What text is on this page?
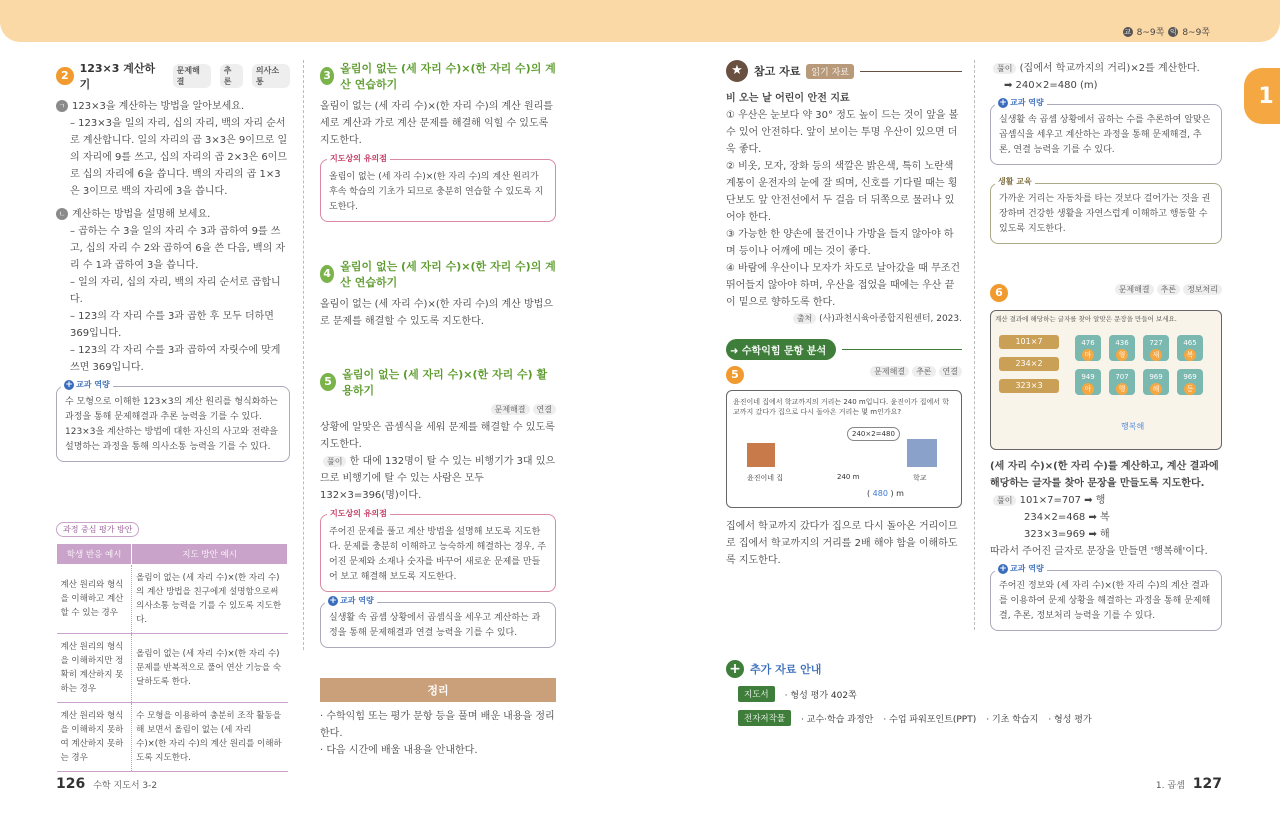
교 8~9쪽 익 8~9쪽
1
2
123×3 계산하기
문제해결
추론
의사소통
ㄱ 123×3을 계산하는 방법을 알아보세요.
– 123×3을 일의 자리, 십의 자리, 백의 자리 순서로 계산합니다. 일의 자리의 곱 3×3은 9이므로 일의 자리에 9를 쓰고, 십의 자리의 곱 2×3은 6이므로 십의 자리에 6을 씁니다. 백의 자리의 곱 1×3은 3이므로 백의 자리에 3을 씁니다.
ㄴ 계산하는 방법을 설명해 보세요.
– 곱하는 수 3을 일의 자리 수 3과 곱하여 9를 쓰고, 십의 자리 수 2와 곱하여 6을 쓴 다음, 백의 자리 수 1과 곱하여 3을 씁니다.
– 일의 자리, 십의 자리, 백의 자리 순서로 곱합니다.
– 123의 각 자리 수를 3과 곱한 후 모두 더하면 369입니다.
– 123의 각 자리 수를 3과 곱하여 자릿수에 맞게 쓰면 369입니다.
+ 교과 역량
수 모형으로 이해한 123×3의 계산 원리를 형식화하는 과정을 통해 문제해결과 추론 능력을 기를 수 있다. 123×3을 계산하는 방법에 대한 자신의 사고와 전략을 설명하는 과정을 통해 의사소통 능력을 기를 수 있다.
과정 중심 평가 방안
학생 반응 예시	지도 방안 예시
계산 원리와 형식을 이해하고 계산할 수 있는 경우	올림이 없는 (세 자리 수)×(한 자리 수)의 계산 방법을 친구에게 설명함으로써 의사소통 능력을 기를 수 있도록 지도한다.
계산 원리의 형식을 이해하지만 정확히 계산하지 못하는 경우	올림이 없는 (세 자리 수)×(한 자리 수) 문제를 반복적으로 풀어 연산 기능을 숙달하도록 한다.
계산 원리와 형식을 이해하지 못하여 계산하지 못하는 경우	수 모형을 이용하여 충분히 조작 활동을 해 보면서 올림이 없는 (세 자리 수)×(한 자리 수)의 계산 원리를 이해하도록 지도한다.
3
올림이 없는 (세 자리 수)×(한 자리 수)의 계산 연습하기
올림이 없는 (세 자리 수)×(한 자리 수)의 계산 원리를 세로 계산과 가로 계산 문제를 해결해 익힐 수 있도록 지도한다.
지도상의 유의점
올림이 없는 (세 자리 수)×(한 자리 수)의 계산 원리가 후속 학습의 기초가 되므로 충분히 연습할 수 있도록 지도한다.
4
올림이 없는 (세 자리 수)×(한 자리 수)의 계산 연습하기
올림이 없는 (세 자리 수)×(한 자리 수)의 계산 방법으로 문제를 해결할 수 있도록 지도한다.
5
올림이 없는 (세 자리 수)×(한 자리 수) 활용하기
문제해결 연결
상황에 알맞은 곱셈식을 세워 문제를 해결할 수 있도록 지도한다.
풀이 한 대에 132명이 탈 수 있는 비행기가 3대 있으므로 비행기에 탈 수 있는 사람은 모두 132×3=396(명)이다.
지도상의 유의점
주어진 문제를 풀고 계산 방법을 설명해 보도록 지도한다. 문제를 충분히 이해하고 능숙하게 해결하는 경우, 주어진 문제와 소재나 숫자를 바꾸어 새로운 문제를 만들어 보고 해결해 보도록 지도한다.
+ 교과 역량
실생활 속 곱셈 상황에서 곱셈식을 세우고 계산하는 과정을 통해 문제해결과 연결 능력을 기를 수 있다.
정리
· 수학익힘 또는 평가 문항 등을 풀며 배운 내용을 정리한다.
· 다음 시간에 배울 내용을 안내한다.
★	참고 자료	읽기 자료
비 오는 날 어린이 안전 지료
① 우산은 눈보다 약 30° 정도 높이 드는 것이 앞을 볼 수 있어 안전하다. 앞이 보이는 투명 우산이 있으면 더욱 좋다.
② 비옷, 모자, 장화 등의 색깔은 밝은색, 특히 노란색 계통이 운전자의 눈에 잘 띄며, 신호를 기다릴 때는 횡단보도 앞 안전선에서 두 걸음 더 뒤쪽으로 물러나 있어야 한다.
③ 가능한 한 양손에 물건이나 가방을 들지 않아야 하며 등이나 어깨에 메는 것이 좋다.
④ 바람에 우산이나 모자가 차도로 날아갔을 때 무조건 뛰어들지 않아야 하며, 우산을 접었을 때에는 우산 끝이 밑으로 향하도록 한다.
출처 (사)과천시육아종합지원센터, 2023.
➜ 수학익힘 문항 분석
5	문제해결 추론 연결
윤진이네 집에서 학교까지의 거리는 240 m입니다. 윤진이가 집에서 학교까지 갔다가 집으로 다시 돌아온 거리는 몇 m인가요?
240×2=480
윤진이네 집	240 m	학교
( 480 ) m
집에서 학교까지 갔다가 집으로 다시 돌아온 거리이므로 집에서 학교까지의 거리를 2배 해야 함을 이해하도록 지도한다.
풀이 (집에서 학교까지의 거리)×2를 계산한다.
➡ 240×2=480 (m)
+ 교과 역량
실생활 속 곱셈 상황에서 곱하는 수를 추론하여 알맞은 곱셈식을 세우고 계산하는 과정을 통해 문제해결, 추론, 연결 능력을 기를 수 있다.
생활 교육
가까운 거리는 자동차를 타는 것보다 걸어가는 것을 권장하며 건강한 생활을 자연스럽게 이해하고 행동할 수 있도록 지도한다.
6	문제해결 추론 정보처리
계산 결과에 해당하는 글자를 찾아 알맞은 문장을 만들어 보세요.
101×7
234×2
323×3
476
마
436
형
727
새
465
복
949
아
707
행
969
해
969
동
행복해
(세 자리 수)×(한 자리 수)를 계산하고, 계산 결과에 해당하는 글자를 찾아 문장을 만들도록 지도한다.
풀이 101×7=707 ➡ 행
234×2=468 ➡ 복
323×3=969 ➡ 해
따라서 주어진 글자로 문장을 만들면 '행복해'이다.
+ 교과 역량
주어진 정보와 (세 자리 수)×(한 자리 수)의 계산 결과를 이용하여 문제 상황을 해결하는 과정을 통해 문제해결, 추론, 정보처리 능력을 기를 수 있다.
+ 추가 자료 안내
지도서	· 형성 평가 402쪽
전자저작물	· 교수·학습 과정안 · 수업 파워포인트(PPT) · 기초 학습지 · 형성 평가
126 수학 지도서 3-2	1. 곱셈 127
